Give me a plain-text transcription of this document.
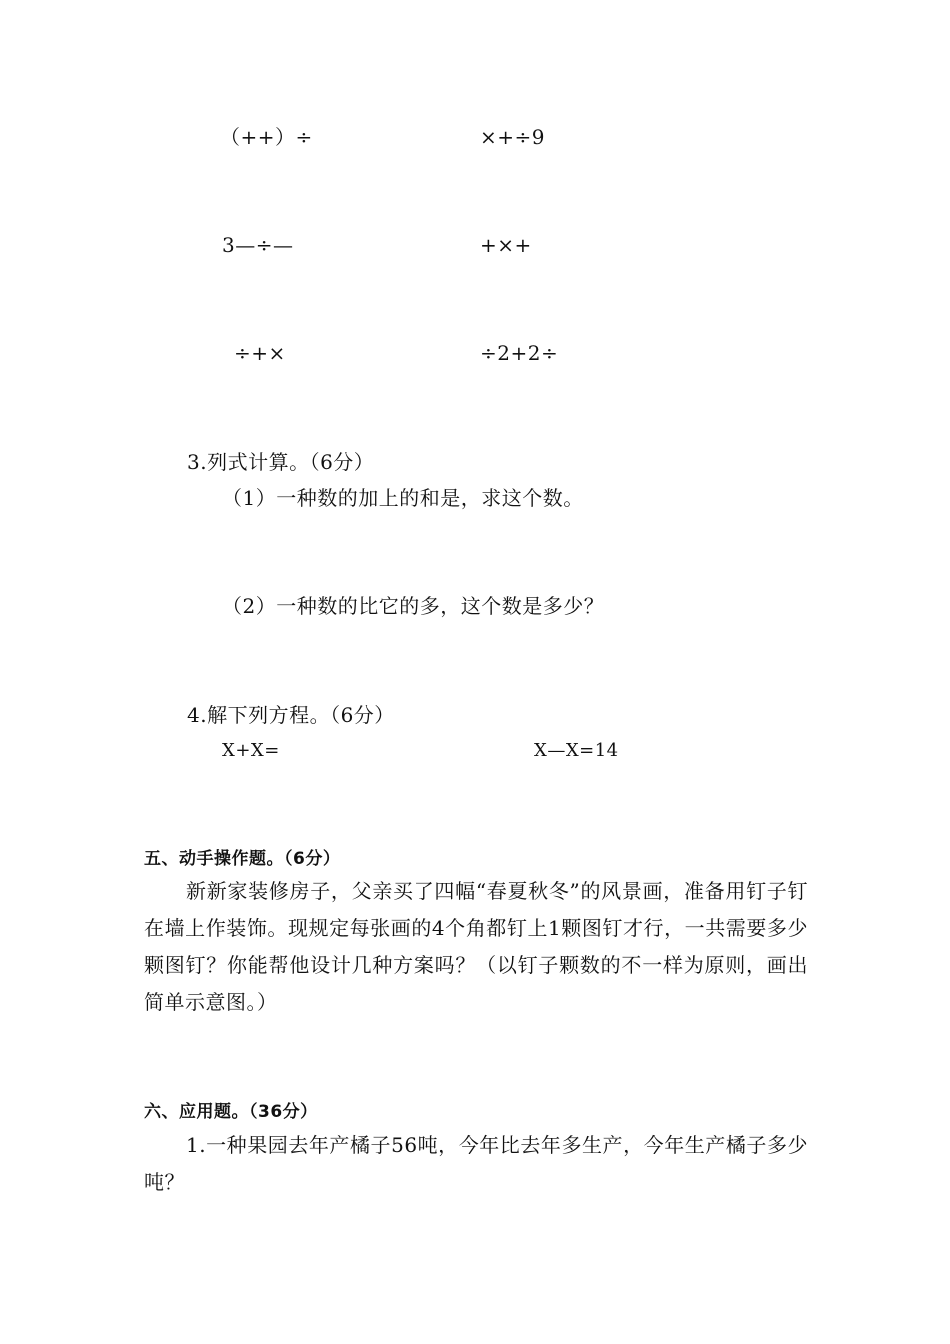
（++）÷	×+÷9
3—÷—	+×+
÷+×	÷2+2÷
3.列式计算。（6分）
（1）一种数的加上的和是，求这个数。
（2）一种数的比它的多，这个数是多少？
4.解下列方程。（6分）
X+X=	X—X=14
五、动手操作题。（6分）
新新家装修房子，父亲买了四幅“春夏秋冬”的风景画，准备用钉子钉在墙上作装饰。现规定每张画的4个角都钉上1颗图钉才行，一共需要多少颗图钉？你能帮他设计几种方案吗？（以钉子颗数的不一样为原则，画出简单示意图。）
六、应用题。（36分）
1.一种果园去年产橘子56吨，今年比去年多生产，今年生产橘子多少吨？
